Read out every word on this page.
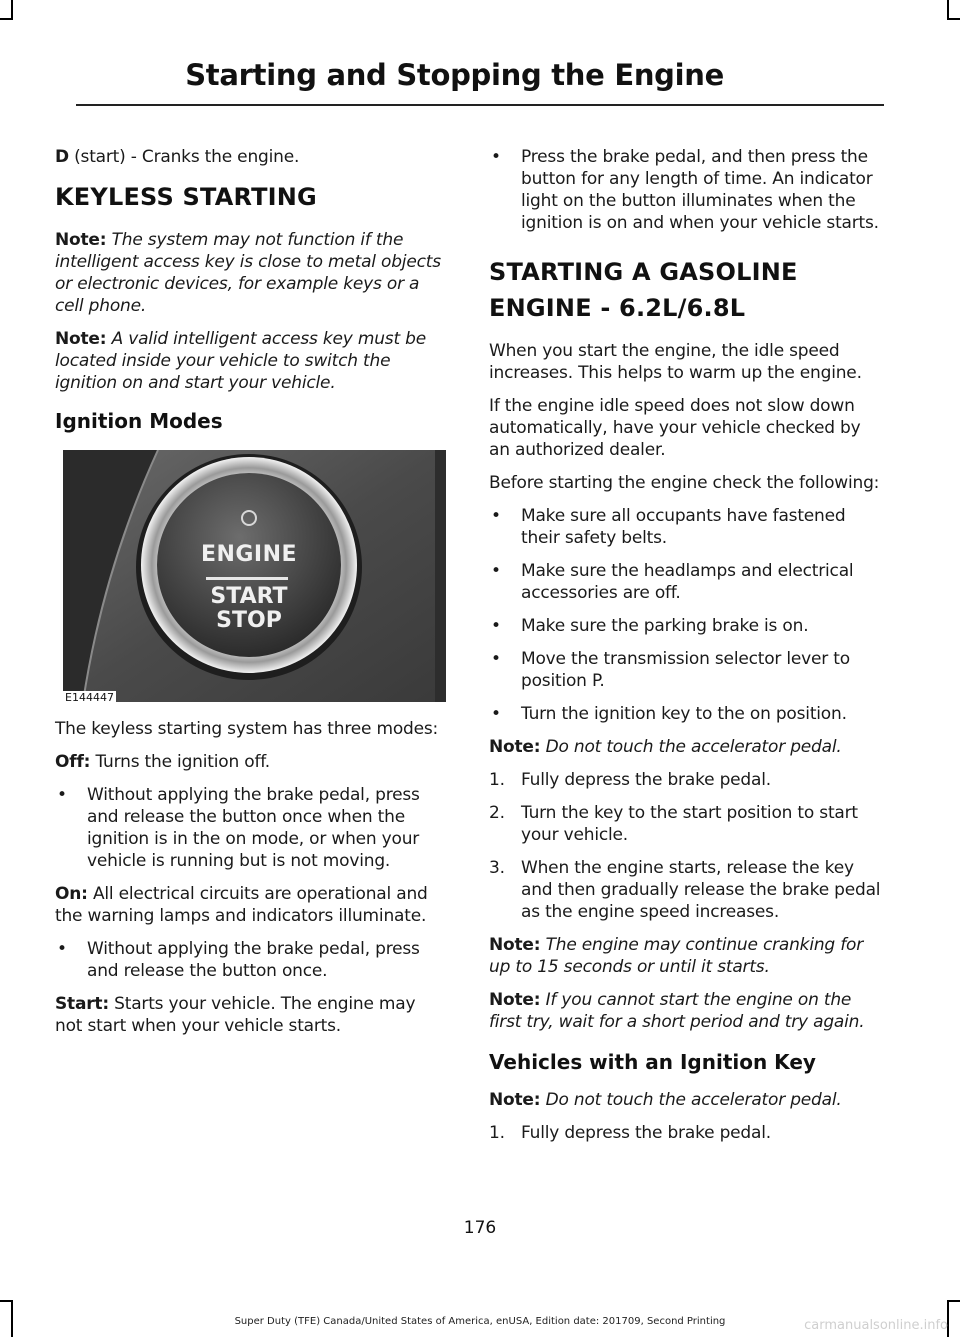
Starting and Stopping the Engine

D (start) - Cranks the engine.

KEYLESS STARTING

Note: The system may not function if the intelligent access key is close to metal objects or electronic devices, for example keys or a cell phone.

Note: A valid intelligent access key must be located inside your vehicle to switch the ignition on and start your vehicle.

Ignition Modes
ENGINE
START
STOP
E144447

The keyless starting system has three modes:

Off: Turns the ignition off.

• Without applying the brake pedal, press and release the button once when the ignition is in the on mode, or when your vehicle is running but is not moving.

On: All electrical circuits are operational and the warning lamps and indicators illuminate.

• Without applying the brake pedal, press and release the button once.

Start: Starts your vehicle. The engine may not start when your vehicle starts.

• Press the brake pedal, and then press the button for any length of time. An indicator light on the button illuminates when the ignition is on and when your vehicle starts.
STARTING A GASOLINE
ENGINE - 6.2L/6.8L

When you start the engine, the idle speed increases. This helps to warm up the engine.

If the engine idle speed does not slow down automatically, have your vehicle checked by an authorized dealer.

Before starting the engine check the following:

• Make sure all occupants have fastened their safety belts.
• Make sure the headlamps and electrical accessories are off.
• Make sure the parking brake is on.
• Move the transmission selector lever to position P.
• Turn the ignition key to the on position.

Note: Do not touch the accelerator pedal.

1. Fully depress the brake pedal.
2. Turn the key to the start position to start your vehicle.
3. When the engine starts, release the key and then gradually release the brake pedal as the engine speed increases.

Note: The engine may continue cranking for up to 15 seconds or until it starts.

Note: If you cannot start the engine on the first try, wait for a short period and try again.

Vehicles with an Ignition Key

Note: Do not touch the accelerator pedal.

1. Fully depress the brake pedal.
176
Super Duty (TFE) Canada/United States of America, enUSA, Edition date: 201709, Second Printing	carmanualsonline.info
